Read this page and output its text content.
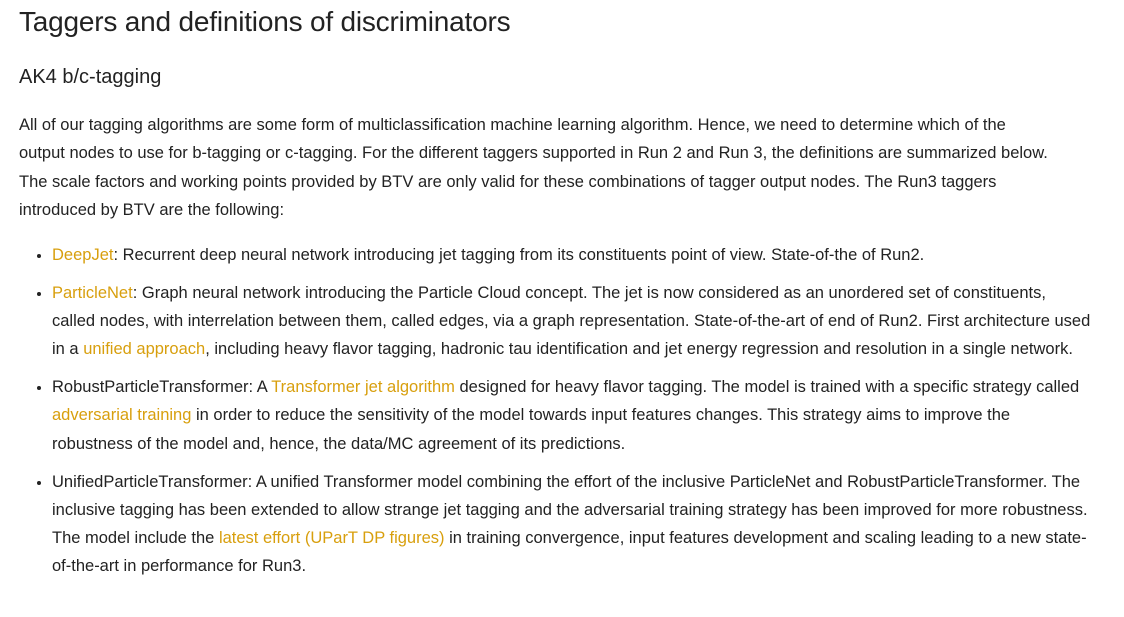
Taggers and definitions of discriminators
AK4 b/c-tagging

All of our tagging algorithms are some form of multiclassification machine learning algorithm. Hence, we need to determine which of the output nodes to use for b-tagging or c-tagging. For the different taggers supported in Run 2 and Run 3, the definitions are summarized below. The scale factors and working points provided by BTV are only valid for these combinations of tagger output nodes. The Run3 taggers introduced by BTV are the following:

• DeepJet: Recurrent deep neural network introducing jet tagging from its constituents point of view. State-of-the of Run2.
• ParticleNet: Graph neural network introducing the Particle Cloud concept. The jet is now considered as an unordered set of constituents, called nodes, with interrelation between them, called edges, via a graph representation. State-of-the-art of end of Run2. First architecture used in a unified approach, including heavy flavor tagging, hadronic tau identification and jet energy regression and resolution in a single network.
• RobustParticleTransformer: A Transformer jet algorithm designed for heavy flavor tagging. The model is trained with a specific strategy called adversarial training in order to reduce the sensitivity of the model towards input features changes. This strategy aims to improve the robustness of the model and, hence, the data/MC agreement of its predictions.
• UnifiedParticleTransformer: A unified Transformer model combining the effort of the inclusive ParticleNet and RobustParticleTransformer. The inclusive tagging has been extended to allow strange jet tagging and the adversarial training strategy has been improved for more robustness. The model include the latest effort (UParT DP figures) in training convergence, input features development and scaling leading to a new state-of-the-art in performance for Run3.
